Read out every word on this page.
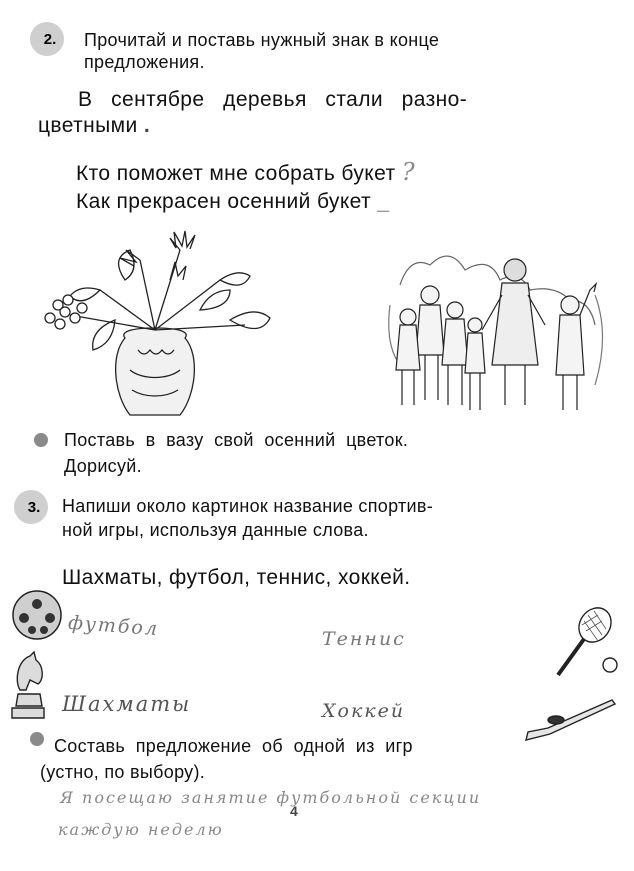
2. Прочитай и поставь нужный знак в конце
предложения.
В   сентябре   деревья   стали   разно-
цветными .
Кто поможет мне собрать букет ?
Как прекрасен осенний букет _
Поставь  в  вазу  свой  осенний  цветок.
Дорисуй.
3. Напиши около картинок название спортив-
ной игры, используя данные слова.
Шахматы, футбол, теннис, хоккей.
футбол	Теннис
Шахматы	Хоккей
Составь  предложение  об  одной  из  игр
(устно, по выбору).
Я посещаю занятие футбольной секции
каждую неделю
4
